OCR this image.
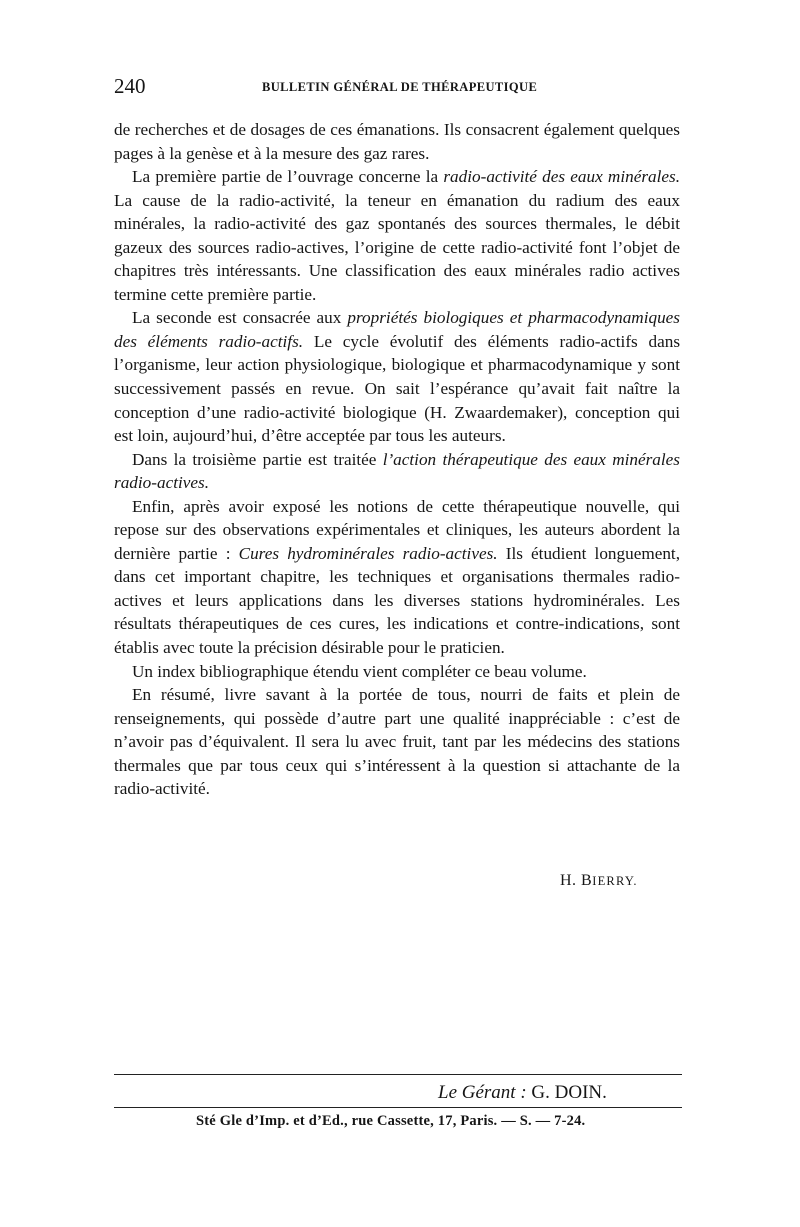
240	BULLETIN GÉNÉRAL DE THÉRAPEUTIQUE

de recherches et de dosages de ces émanations. Ils consacrent également quelques pages à la genèse et à la mesure des gaz rares.

La première partie de l’ouvrage concerne la radio-activité des eaux minérales. La cause de la radio-activité, la teneur en émanation du radium des eaux minérales, la radio-activité des gaz spontanés des sources thermales, le débit gazeux des sources radio-actives, l’origine de cette radio-activité font l’objet de chapitres très intéressants. Une classification des eaux minérales radio actives termine cette première partie.

La seconde est consacrée aux propriétés biologiques et pharmacodynamiques des éléments radio-actifs. Le cycle évolutif des éléments radio-actifs dans l’organisme, leur action physiologique, biologique et pharmacodynamique y sont successivement passés en revue. On sait l’espérance qu’avait fait naître la conception d’une radio-activité biologique (H. Zwaardemaker), conception qui est loin, aujourd’hui, d’être acceptée par tous les auteurs.

Dans la troisième partie est traitée l’action thérapeutique des eaux minérales radio-actives.

Enfin, après avoir exposé les notions de cette thérapeutique nouvelle, qui repose sur des observations expérimentales et cliniques, les auteurs abordent la dernière partie : Cures hydrominérales radio-actives. Ils étudient longuement, dans cet important chapitre, les techniques et organisations thermales radio-actives et leurs applications dans les diverses stations hydrominérales. Les résultats thérapeutiques de ces cures, les indications et contre-indications, sont établis avec toute la précision désirable pour le praticien.

Un index bibliographique étendu vient compléter ce beau volume.

En résumé, livre savant à la portée de tous, nourri de faits et plein de renseignements, qui possède d’autre part une qualité inappréciable : c’est de n’avoir pas d’équivalent. Il sera lu avec fruit, tant par les médecins des stations thermales que par tous ceux qui s’intéressent à la question si attachante de la radio-activité.

H. BIERRY.
Le Gérant : G. DOIN.
Sté Gle d’Imp. et d’Ed., rue Cassette, 17, Paris. — S. — 7-24.
